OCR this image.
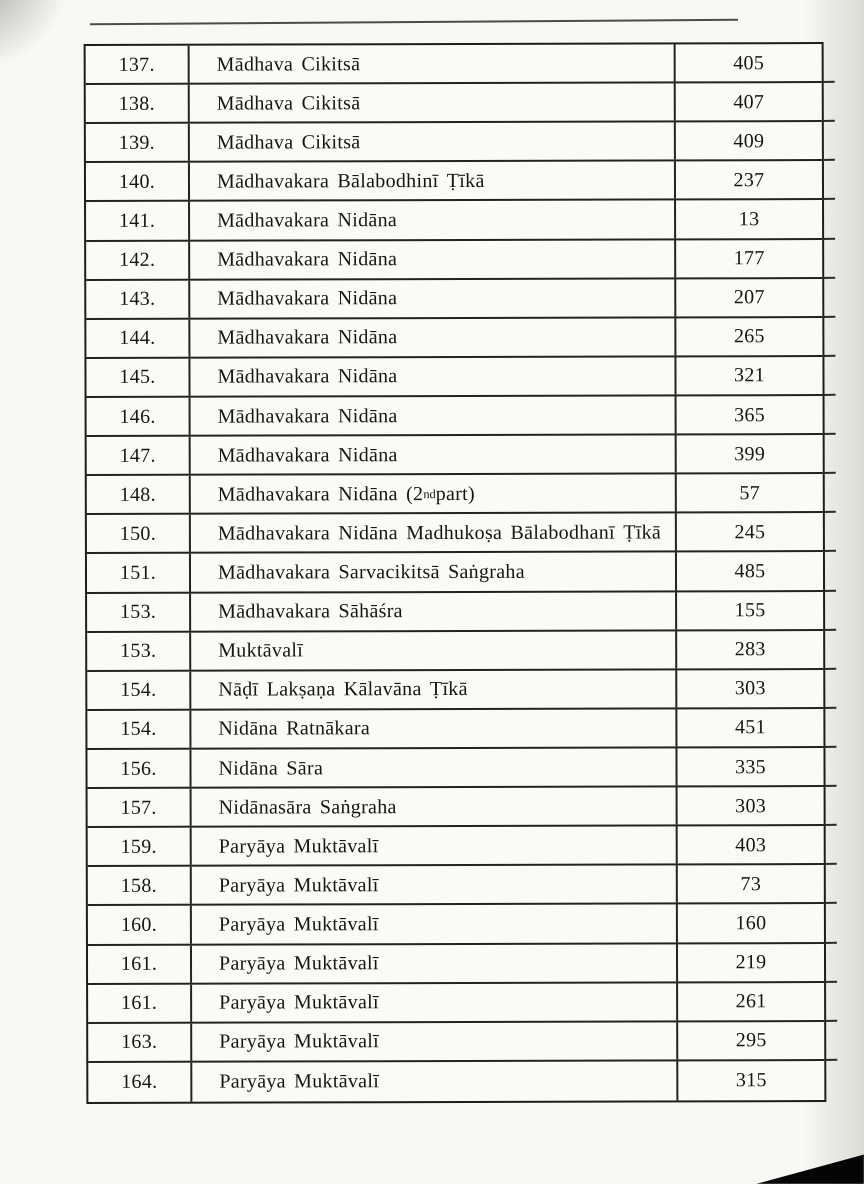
137.	Mādhava Cikitsā	405
138.	Mādhava Cikitsā	407
139.	Mādhava Cikitsā	409
140.	Mādhavakara Bālabodhinī Ṭīkā	237
141.	Mādhavakara Nidāna	13
142.	Mādhavakara Nidāna	177
143.	Mādhavakara Nidāna	207
144.	Mādhavakara Nidāna	265
145.	Mādhavakara Nidāna	321
146.	Mādhavakara Nidāna	365
147.	Mādhavakara Nidāna	399
148.	Mādhavakara Nidāna (2 nd part)	57
150.	Mādhavakara Nidāna Madhukoṣa Bālabodhanī Ṭīkā	245
151.	Mādhavakara Sarvacikitsā Saṅgraha	485
153.	Mādhavakara Sāhāśra	155
153.	Muktāvalī	283
154.	Nāḍī Lakṣaṇa Kālavāna Ṭīkā	303
154.	Nidāna Ratnākara	451
156.	Nidāna Sāra	335
157.	Nidānasāra Saṅgraha	303
159.	Paryāya Muktāvalī	403
158.	Paryāya Muktāvalī	73
160.	Paryāya Muktāvalī	160
161.	Paryāya Muktāvalī	219
161.	Paryāya Muktāvalī	261
163.	Paryāya Muktāvalī	295
164.	Paryāya Muktāvalī	315
